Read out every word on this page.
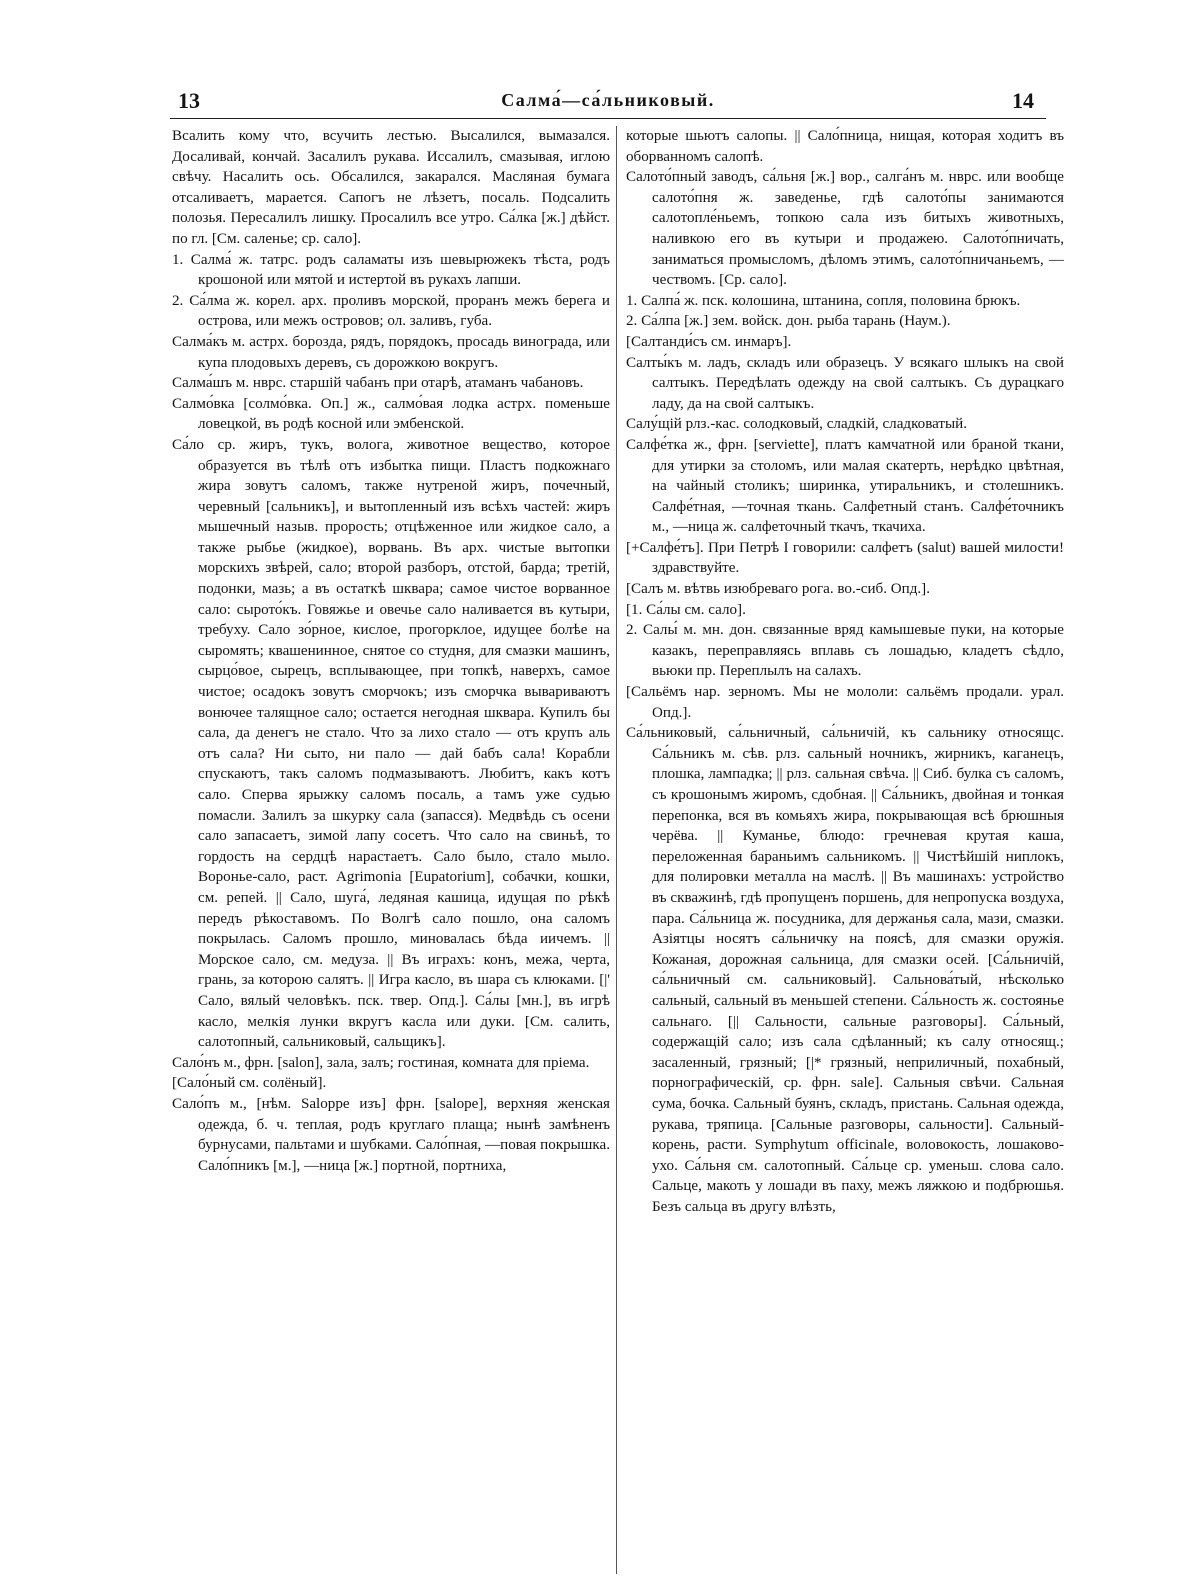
13	Салма́—са́льниковый.	14

Всалить кому что, всучить лестью. Высалился, вымазался. Досаливай, кончай. Засалилъ рукава. Исcалилъ, смазывая, иглою свѣчу. Насалить ось. Обсалился, закарался. Масляная бумага отсаливаетъ, марается. Сапогъ не лѣзетъ, посаль. Подсалить полозья. Пересалилъ лишку. Просалилъ все утро. Са́лка [ж.] дѣйст. по гл. [См. саленье; ср. сало].

1. Салма́ ж. татрс. родъ саламаты изъ шевырюжекъ тѣста, родъ крошоной или мятой и истертой въ рукахъ лапши.

2. Са́лма ж. корел. арх. проливъ морской, проранъ межъ берега и острова, или межъ островов; ол. заливъ, губа.

Салма́къ м. астрх. борозда, рядъ, порядокъ, просадь винограда, или купа плодовыхъ деревъ, съ дорожкою вокругъ.

Салма́шъ м. нврс. старшій чабанъ при отарѣ, атаманъ чабановъ.

Салмо́вка [солмо́вка. Оп.] ж., салмо́вая лодка астрх. поменьше ловецкой, въ родѣ косной или эмбенской.

Са́ло ср. жиръ, тукъ, волога, животное вещество, которое образуется въ тѣлѣ отъ избытка пищи. Пластъ подкожнаго жира зовутъ саломъ, также нутреной жиръ, почечный, черевный [сальникъ], и вытопленный изъ всѣхъ частей: жиръ мышечный назыв. прорость; отцѣженное или жидкое сало, а также рыбье (жидкое), ворвань. Въ арх. чистые вытопки морскихъ звѣрей, сало; второй разборъ, отстой, барда; третій, подонки, мазь; а въ остаткѣ шквара; самое чистое ворванное сало: сырото́къ. Говяжье и овечье сало наливается въ кутыри, требуху. Сало зо́рное, кислое, прогорклое, идущее болѣе на сыромять; квашенинное, снятое со студня, для смазки машинъ, сырцо́вое, сырецъ, всплывающее, при топкѣ, наверхъ, самое чистое; осадокъ зовутъ сморчокъ; изъ сморчка вывариваютъ вонючее талящное сало; остается негодная шквара. Купилъ бы сала, да денегъ не стало. Что за лихо стало — отъ крупъ аль отъ сала? Ни сыто, ни пало — дай бабъ сала! Корабли спускаютъ, такъ саломъ подмазываютъ. Любитъ, какъ котъ сало. Сперва ярыжку саломъ посаль, а тамъ уже судью помасли. Залилъ за шкурку сала (запасся). Медвѣдь съ осени сало запасаетъ, зимой лапу сосетъ. Что сало на свиньѣ, то гордость на сердцѣ нарастаетъ. Сало было, стало мыло. Воронье-сало, раст. Agrimonia [Eupatorium], собачки, кошки, см. репей. || Сало, шуга́, ледяная кашица, идущая по рѣкѣ передъ рѣкоставомъ. По Волгѣ сало пошло, она саломъ покрылась. Саломъ прошло, миновалась бѣда иичемъ. || Морское сало, см. медуза. || Въ играхъ: конъ, межа, черта, грань, за которою салятъ. || Игра касло, въ шара съ клюками. [|' Сало, вялый человѣкъ. пск. твер. Опд.]. Са́лы [мн.], въ игрѣ касло, мелкія лунки вкругъ касла или дуки. [См. салить, салотопный, сальниковый, сальщикъ].

Сало́нъ м., фрн. [salon], зала, залъ; гостиная, комната для пріема.

[Сало́ный см. солёный].

Сало́пъ м., [нѣм. Saloppe изъ] фрн. [salope], верхняя женская одежда, б. ч. теплая, родъ круглаго плаща; нынѣ замѣненъ бурнусами, пальтами и шубками. Сало́пная, —повая покрышка. Сало́пникъ [м.], —ница [ж.] портной, портниха,

которые шьютъ салопы. || Сало́пница, нищая, которая ходитъ въ оборванномъ салопѣ.

Салото́пный заводъ, са́льня [ж.] вор., салга́нъ м. нврс. или вообще салото́пня ж. заведенье, гдѣ салото́пы занимаются салотопле́ньемъ, топкою сала изъ битыхъ животныхъ, наливкою его въ кутыри и продажею. Салото́пничать, заниматься промысломъ, дѣломъ этимъ, салото́пничаньемъ, —чествомъ. [Ср. сало].

1. Салпа́ ж. пск. колошина, штанина, сопля, половина брюкъ.

2. Са́лпа [ж.] зем. войск. дон. рыба тарань (Наум.).

[Салтанди́съ см. инмаръ].

Салты́къ м. ладъ, складъ или образецъ. У всякаго шлыкъ на свой салтыкъ. Передѣлать одежду на свой салтыкъ. Съ дурацкаго ладу, да на свой салтыкъ.

Салу́щій рлз.-кас. солодковый, сладкій, сладковатый.

Салфе́тка ж., фрн. [serviette], платъ камчатной или браной ткани, для утирки за столомъ, или малая скатерть, нерѣдко цвѣтная, на чайный столикъ; ширинка, утиральникъ, и столешникъ. Салфе́тная, —точная ткань. Салфетный станъ. Салфе́точникъ м., —ница ж. салфеточный ткачъ, ткачиха.

[+Салфе́тъ]. При Петрѣ I говорили: салфетъ (salut) вашей милости! здравствуйте.

[Салъ м. вѣтвь изюбреваго рога. во.-сиб. Опд.].

[1. Са́лы см. сало].

2. Салы́ м. мн. дон. связанные вряд камышевые пуки, на которые казакъ, переправляясь вплавь съ лошадью, кладетъ сѣдло, вьюки пр. Переплылъ на салахъ.

[Сальёмъ нар. зерномъ. Мы не мололи: сальёмъ продали. урал. Опд.].

Са́льниковый, са́льничный, са́льничій, къ сальнику относящс. Са́льникъ м. сѣв. рлз. сальный ночникъ, жирникъ, каганецъ, плошка, лампадка; || рлз. сальная свѣча. || Сиб. булка съ саломъ, съ крошонымъ жиромъ, сдобная. || Са́льникъ, двойная и тонкая перепонка, вся въ комьяхъ жира, покрывающая всѣ брюшныя черёва. || Куманье, блюдо: гречневая крутая каша, переложенная бараньимъ сальникомъ. || Чистѣйшій ниплокъ, для полировки металла на маслѣ. || Въ машинахъ: устройство въ скважинѣ, гдѣ пропущенъ поршень, для непропуска воздуха, пара. Са́льница ж. посудника, для держанья сала, мази, смазки. Азіятцы носятъ са́льничку на поясѣ, для смазки оружія. Кожаная, дорожная сальница, для смазки осей. [Са́льничій, са́льничный см. сальниковый]. Сальнова́тый, нѣсколько сальный, сальный въ меньшей степени. Са́льность ж. состоянье сальнаго. [|| Сальности, сальные разговоры]. Са́льный, содержащій сало; изъ сала сдѣланный; къ салу относящ.; засаленный, грязный; [|* грязный, неприличный, похабный, порнографическій, ср. фрн. sale]. Сальныя свѣчи. Сальная сума, бочка. Сальный буянъ, складъ, пристань. Сальная одежда, рукава, тряпица. [Сальные разговоры, сальности]. Сальный-корень, расти. Symphytum officinale, воловокость, лошаково-ухо. Са́льня см. салотопный. Са́льце ср. уменьш. слова сало. Сальце, макоть у лошади въ паху, межъ ляжкою и подбрюшья. Безъ сальца въ другу влѣзть,
